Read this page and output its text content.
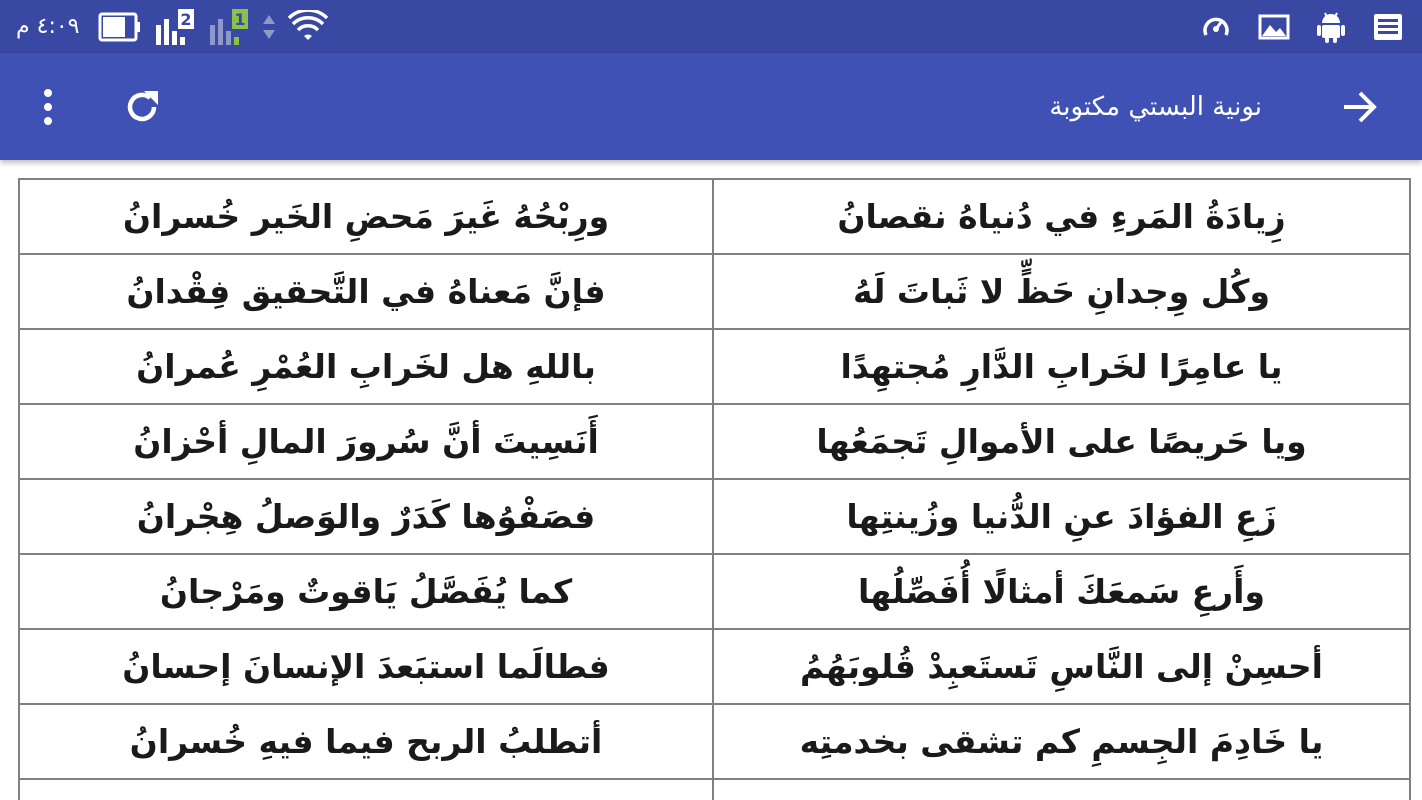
٤:٠٩ م	2	1
نونية البستي مكتوبة
زِيادَةُ المَرءِ في دُنياهُ نقصانُ	ورِبْحُهُ غَيرَ مَحضِ الخَير خُسرانُ
وكُل وِجدانِ حَظٍّ لا ثَباتَ لَهُ	فإنَّ مَعناهُ في التَّحقيق فِقْدانُ
يا عامِرًا لخَرابِ الدَّارِ مُجتهِدًا	باللهِ هل لخَرابِ العُمْرِ عُمرانُ
ويا حَريصًا على الأموالِ تَجمَعُها	أَنَسِيتَ أنَّ سُرورَ المالِ أحْزانُ
زَعِ الفؤادَ عنِ الدُّنيا وزُينتِها	فصَفْوُها كَدَرٌ والوَصلُ هِجْرانُ
وأَرعِ سَمعَكَ أمثالًا أُفَصِّلُها	كما يُفَصَّلُ يَاقوتٌ ومَرْجانُ
أحسِنْ إلى النَّاسِ تَستَعبِدْ قُلوبَهُمُ	فطالَما استبَعدَ الإنسانَ إحسانُ
يا خَادِمَ الجِسمِ كم تشقى بخدمتِه	أتطلبُ الربح فيما فيهِ خُسرانُ
